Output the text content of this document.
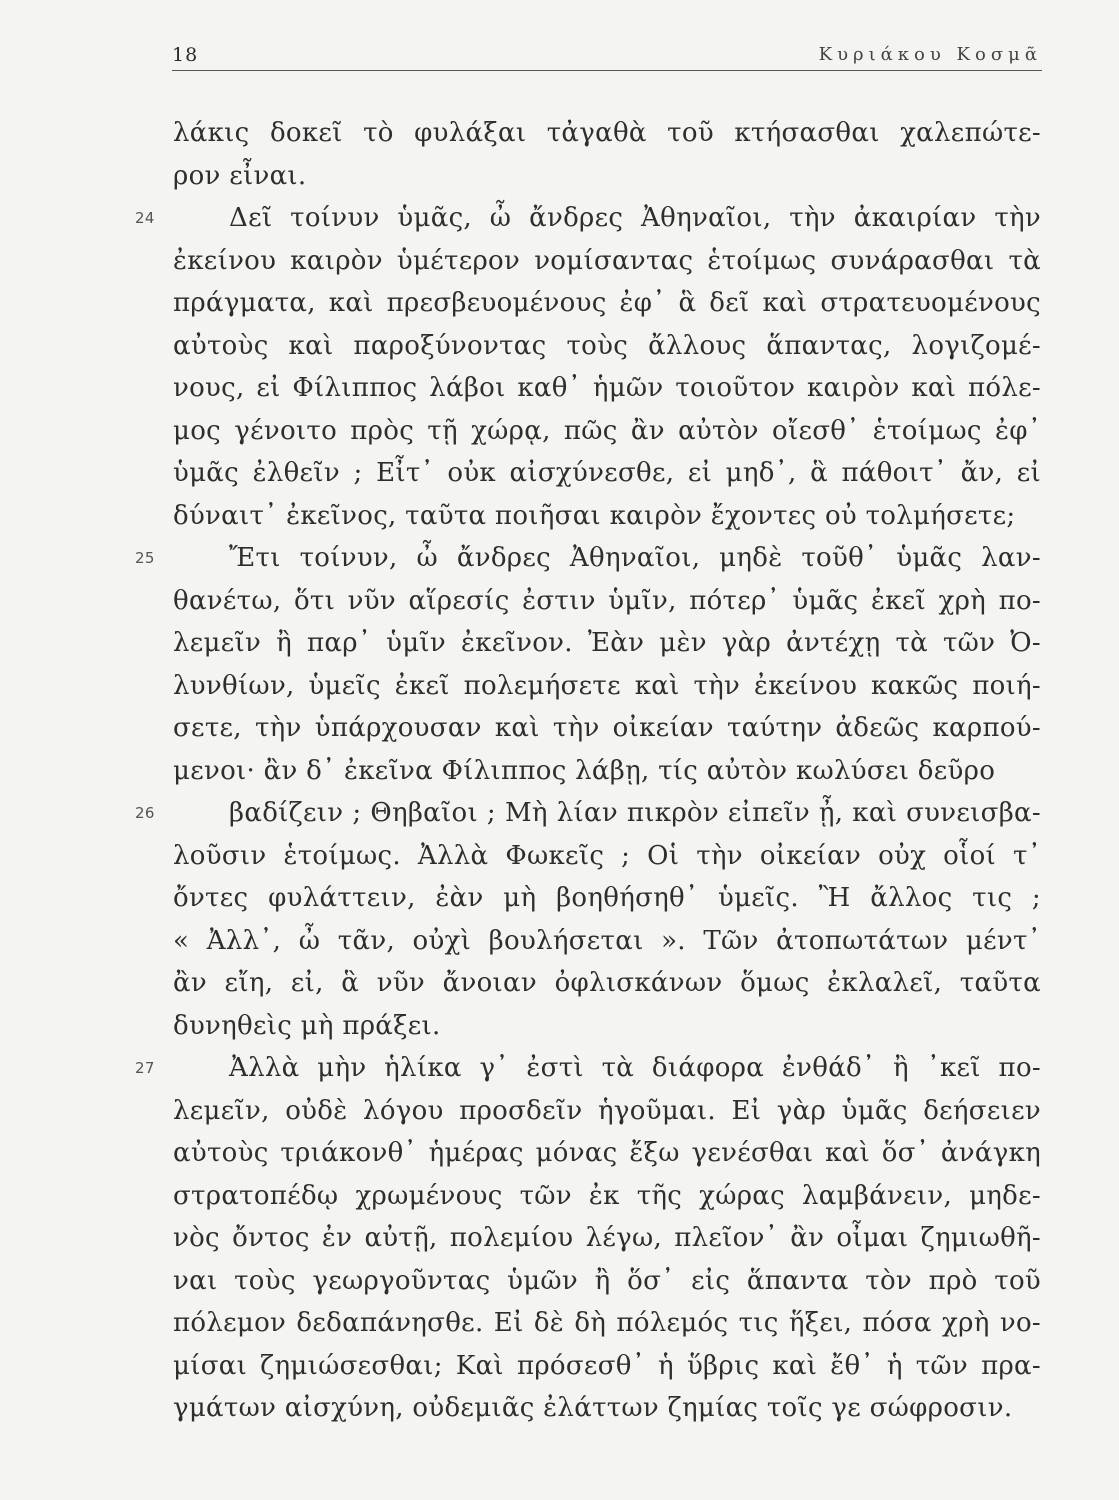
18	Κυριάκου Κοσμᾶ
λάκις δοκεῖ τὸ φυλάξαι τἀγαθὰ τοῦ κτήσασθαι χαλεπώτε-
ρον εἶναι.
Δεῖ τοίνυν ὑμᾶς, ὦ ἄνδρες Ἀθηναῖοι, τὴν ἀκαιρίαν τὴν
24
ἐκείνου καιρὸν ὑμέτερον νομίσαντας ἑτοίμως συνάρασθαι τὰ
πράγματα, καὶ πρεσβευομένους ἐφ᾽ ἃ δεῖ καὶ στρατευομένους
αὐτοὺς καὶ παροξύνοντας τοὺς ἄλλους ἅπαντας, λογιζομέ-
νους, εἰ Φίλιππος λάβοι καθ᾽ ἡμῶν τοιοῦτον καιρὸν καὶ πόλε-
μος γένοιτο πρὸς τῇ χώρᾳ, πῶς ἂν αὐτὸν οἴεσθ᾽ ἑτοίμως ἐφ᾽
ὑμᾶς ἐλθεῖν ; Εἶτ᾽ οὐκ αἰσχύνεσθε, εἰ μηδ᾽, ἃ πάθοιτ᾽ ἄν, εἰ
δύναιτ᾽ ἐκεῖνος, ταῦτα ποιῆσαι καιρὸν ἔχοντες οὐ τολμήσετε;
Ἔτι τοίνυν, ὦ ἄνδρες Ἀθηναῖοι, μηδὲ τοῦθ᾽ ὑμᾶς λαν-
25
θανέτω, ὅτι νῦν αἵρεσίς ἐστιν ὑμῖν, πότερ᾽ ὑμᾶς ἐκεῖ χρὴ πο-
λεμεῖν ἢ παρ᾽ ὑμῖν ἐκεῖνον. Ἐὰν μὲν γὰρ ἀντέχῃ τὰ τῶν Ὀ-
λυνθίων, ὑμεῖς ἐκεῖ πολεμήσετε καὶ τὴν ἐκείνου κακῶς ποιή-
σετε, τὴν ὑπάρχουσαν καὶ τὴν οἰκείαν ταύτην ἀδεῶς καρπού-
μενοι· ἂν δ᾽ ἐκεῖνα Φίλιππος λάβῃ, τίς αὐτὸν κωλύσει δεῦρο
βαδίζειν ; Θηβαῖοι ; Μὴ λίαν πικρὸν εἰπεῖν ᾖ, καὶ συνεισβα-
26
λοῦσιν ἑτοίμως. Ἀλλὰ Φωκεῖς ; Οἱ τὴν οἰκείαν οὐχ οἷοί τ᾽
ὄντες φυλάττειν, ἐὰν μὴ βοηθήσηθ᾽ ὑμεῖς. Ἢ ἄλλος τις ;
« Ἀλλ᾽, ὦ τᾶν, οὐχὶ βουλήσεται ». Τῶν ἀτοπωτάτων μέντ᾽
ἂν εἴη, εἰ, ἃ νῦν ἄνοιαν ὀφλισκάνων ὅμως ἐκλαλεῖ, ταῦτα
δυνηθεὶς μὴ πράξει.
Ἀλλὰ μὴν ἡλίκα γ᾽ ἐστὶ τὰ διάφορα ἐνθάδ᾽ ἢ ᾽κεῖ πο-
27
λεμεῖν, οὐδὲ λόγου προσδεῖν ἡγοῦμαι. Εἰ γὰρ ὑμᾶς δεήσειεν
αὐτοὺς τριάκονθ᾽ ἡμέρας μόνας ἔξω γενέσθαι καὶ ὅσ᾽ ἀνάγκη
στρατοπέδῳ χρωμένους τῶν ἐκ τῆς χώρας λαμβάνειν, μηδε-
νὸς ὄντος ἐν αὐτῇ, πολεμίου λέγω, πλεῖον᾽ ἂν οἶμαι ζημιωθῆ-
ναι τοὺς γεωργοῦντας ὑμῶν ἢ ὅσ᾽ εἰς ἅπαντα τὸν πρὸ τοῦ
πόλεμον δεδαπάνησθε. Εἰ δὲ δὴ πόλεμός τις ἥξει, πόσα χρὴ νο-
μίσαι ζημιώσεσθαι; Καὶ πρόσεσθ᾽ ἡ ὕβρις καὶ ἔθ᾽ ἡ τῶν πρα-
γμάτων αἰσχύνη, οὐδεμιᾶς ἐλάττων ζημίας τοῖς γε σώφροσιν.
